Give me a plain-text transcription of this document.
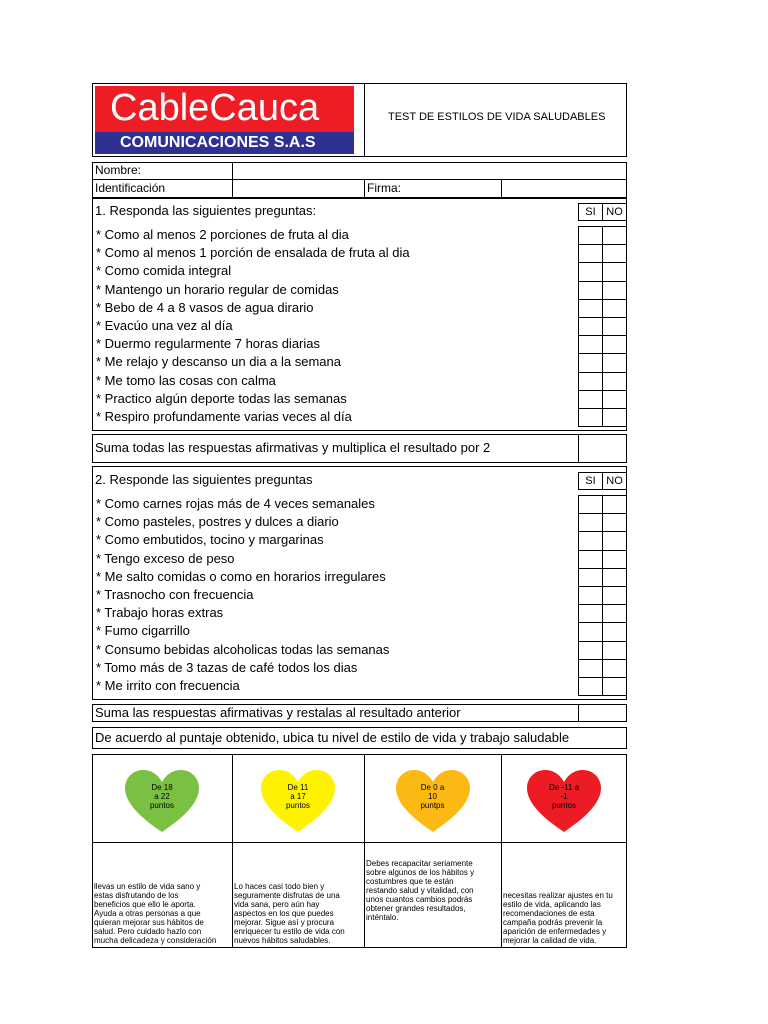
CableCauca
COMUNICACIONES S.A.S
TEST DE ESTILOS DE VIDA SALUDABLES
Nombre:
Identificación	Firma:
1. Responda las siguientes preguntas:	SI NO
* Como al menos 2 porciones de fruta al dia
* Como al menos 1 porción de ensalada de fruta al dia
* Como comida integral
* Mantengo un horario regular de comidas
* Bebo de 4 a 8 vasos de agua dirario
* Evacúo una vez al día
* Duermo regularmente 7 horas diarias
* Me relajo y descanso un dia a la semana
* Me tomo las cosas con calma
* Practico algún deporte todas las semanas
* Respiro profundamente varias veces al día
Suma todas las respuestas afirmativas y multiplica el resultado por 2
2. Responde las siguientes preguntas	SI NO
* Como carnes rojas más de 4 veces semanales
* Como pasteles, postres y dulces a diario
* Como embutidos, tocino y margarinas
* Tengo exceso de peso
* Me salto comidas o como en horarios irregulares
* Trasnocho con frecuencia
* Trabajo horas extras
* Fumo cigarrillo
* Consumo bebidas alcoholicas todas las semanas
* Tomo más de 3 tazas de café todos los dias
* Me irrito con frecuencia
Suma las respuestas afirmativas y restalas al resultado anterior
De acuerdo al puntaje obtenido, ubica tu nivel de estilo de vida y trabajo saludable
De 18
a 22
puntos
llevas un estilo de vida sano y
estas disfrutando de los
beneficios que ello le aporta.
Ayuda a otras personas a que
quieran mejorar sus hábitos de
salud. Pero cuidado hazlo con
mucha delicadeza y consideración
De 11
a 17
puntos
Lo haces casi todo bien y
seguramente disfrutas de una
vida sana, pero aún hay
aspectos en los que puedes
mejorar. Sigue así y procura
enriquecer tu estilo de vida con
nuevos hábitos saludables.
De 0 a
10
puntps
Debes recapacitar seriamente
sobre algunos de los hábitos y
costumbres que te están
restando salud y vitalidad, con
unos cuantos cambios podrás
obtener grandes resultados,
inténtalo.
De -11 a
-1
puntos
necesitas realizar ajustes en tu
estilo de vida, aplicando las
recomendaciones de esta
campaña podrás prevenir la
aparición de enfermedades y
mejorar la calidad de vida.
